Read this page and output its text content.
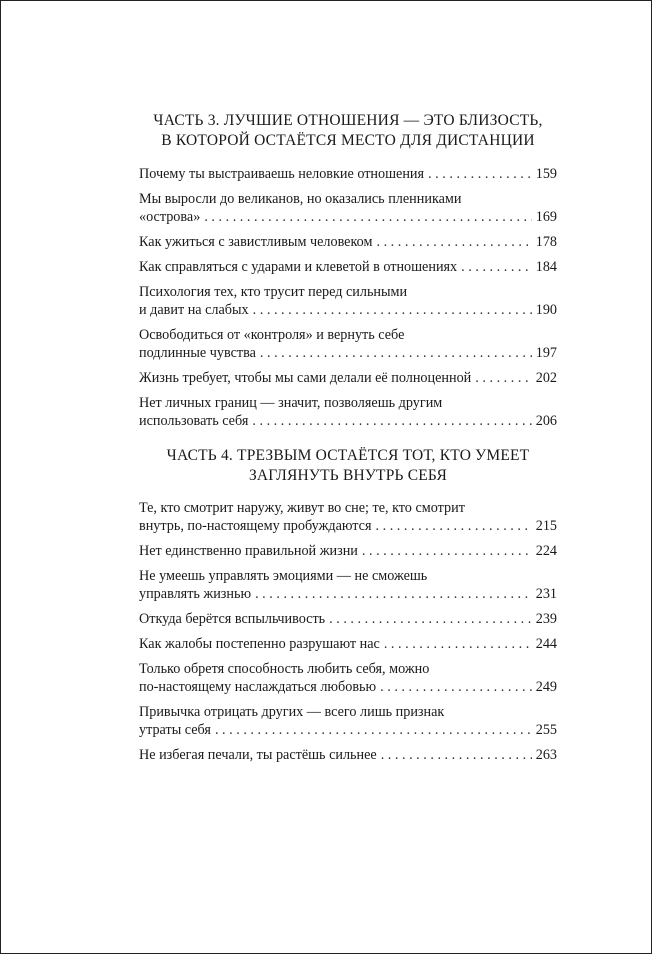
ЧАСТЬ 3. ЛУЧШИЕ ОТНОШЕНИЯ — ЭТО БЛИЗОСТЬ,
В КОТОРОЙ ОСТАЁТСЯ МЕСТО ДЛЯ ДИСТАНЦИИ
Почему ты выстраиваешь неловкие отношения . . .	159
Мы выросли до великанов, но оказались пленниками
«острова» . . .	169
Как ужиться с завистливым человеком . . .	178
Как справляться с ударами и клеветой в отношениях . . .	184
Психология тех, кто трусит перед сильными
и давит на слабых . . .	190
Освободиться от «контроля» и вернуть себе
подлинные чувства . . .	197
Жизнь требует, чтобы мы сами делали её полноценной . . .	202
Нет личных границ — значит, позволяешь другим
использовать себя . . .	206
ЧАСТЬ 4. ТРЕЗВЫМ ОСТАЁТСЯ ТОТ, КТО УМЕЕТ
ЗАГЛЯНУТЬ ВНУТРЬ СЕБЯ
Те, кто смотрит наружу, живут во сне; те, кто смотрит
внутрь, по-настоящему пробуждаются . . .	215
Нет единственно правильной жизни . . .	224
Не умеешь управлять эмоциями — не сможешь
управлять жизнью . . .	231
Откуда берётся вспыльчивость . . .	239
Как жалобы постепенно разрушают нас . . .	244
Только обретя способность любить себя, можно
по-настоящему наслаждаться любовью . . .	249
Привычка отрицать других — всего лишь признак
утраты себя . . .	255
Не избегая печали, ты растёшь сильнее . . .	263
